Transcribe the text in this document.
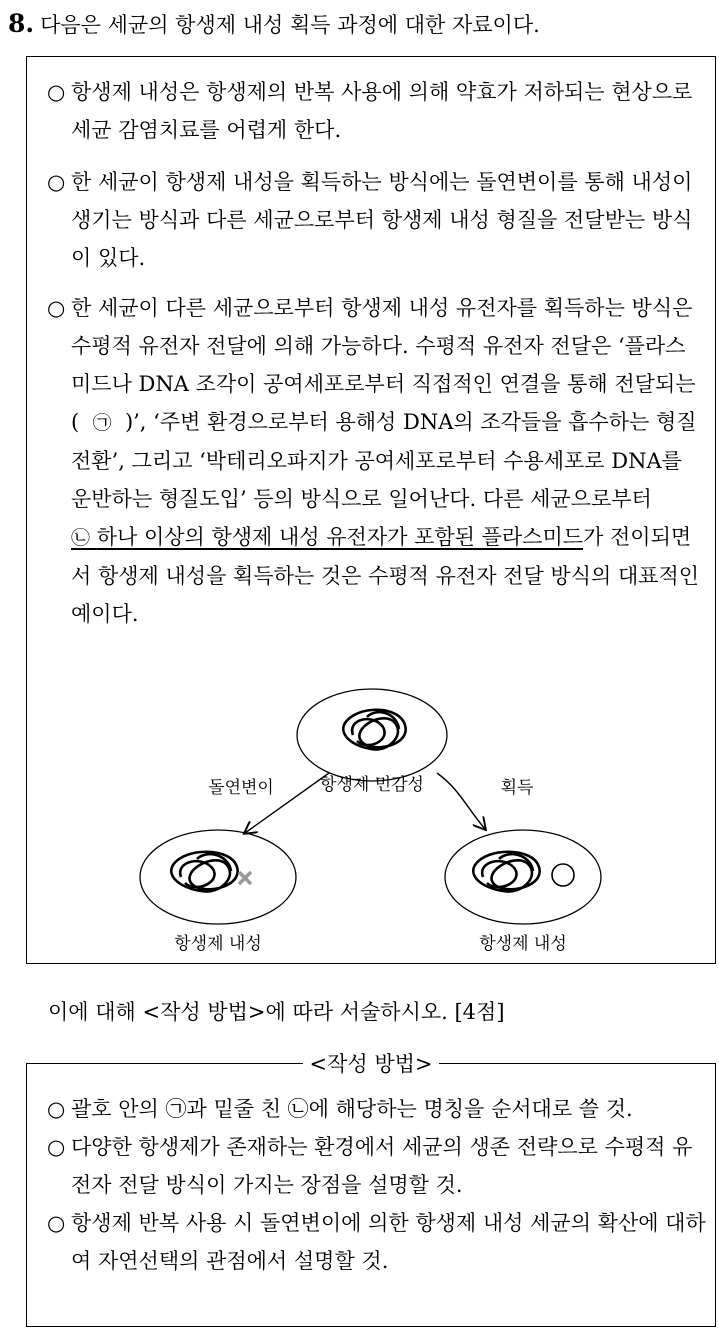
8. 다음은 세균의 항생제 내성 획득 과정에 대한 자료이다.
○ 항생제 내성은 항생제의 반복 사용에 의해 약효가 저하되는 현상으로 세균 감염치료를 어렵게 한다.
○ 한 세균이 항생제 내성을 획득하는 방식에는 돌연변이를 통해 내성이 생기는 방식과 다른 세균으로부터 항생제 내성 형질을 전달받는 방식이 있다.
○ 한 세균이 다른 세균으로부터 항생제 내성 유전자를 획득하는 방식은 수평적 유전자 전달에 의해 가능하다. 수평적 유전자 전달은 ‘플라스미드나 DNA 조각이 공여세포로부터 직접적인 연결을 통해 전달되는 ( ㉠ )’, ‘주변 환경으로부터 용해성 DNA의 조각들을 흡수하는 형질전환’, 그리고 ‘박테리오파지가 공여세포로부터 수용세포로 DNA를 운반하는 형질도입’ 등의 방식으로 일어난다. 다른 세균으로부터 ㉡ 하나 이상의 항생제 내성 유전자가 포함된 플라스미드가 전이되면서 항생제 내성을 획득하는 것은 수평적 유전자 전달 방식의 대표적인 예이다.
항생제 민감성
돌연변이	획득
항생제 내성	항생제 내성
이에 대해 <작성 방법>에 따라 서술하시오. [4점]
<작성 방법>
○ 괄호 안의 ㉠과 밑줄 친 ㉡에 해당하는 명칭을 순서대로 쓸 것.
○ 다양한 항생제가 존재하는 환경에서 세균의 생존 전략으로 수평적 유전자 전달 방식이 가지는 장점을 설명할 것.
○ 항생제 반복 사용 시 돌연변이에 의한 항생제 내성 세균의 확산에 대하여 자연선택의 관점에서 설명할 것.
